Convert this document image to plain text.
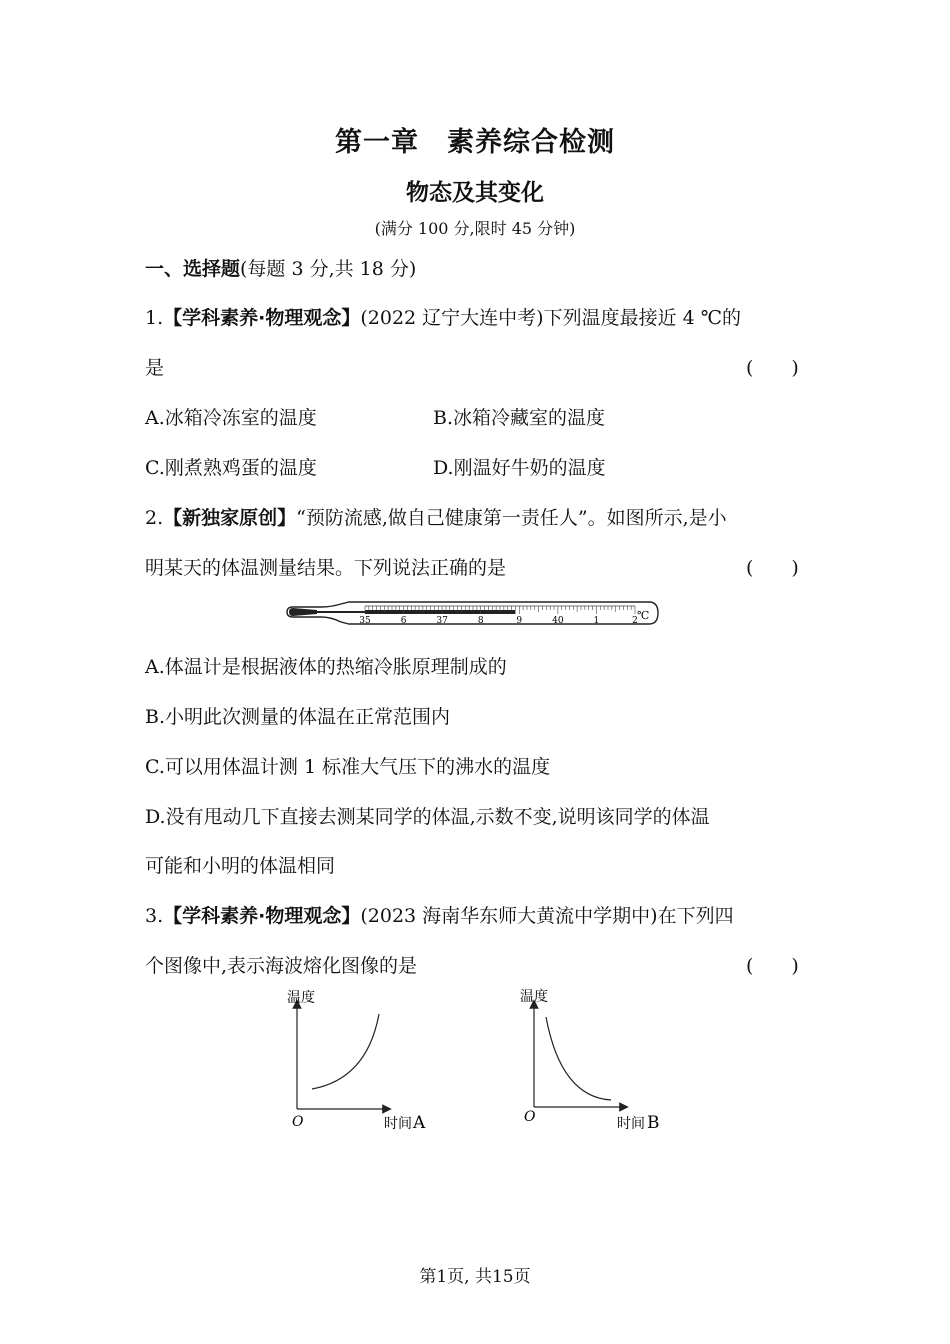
第一章　素养综合检测
物态及其变化
(满分 100 分,限时 45 分钟)
一、选择题(每题 3 分,共 18 分)
1.【学科素养·物理观念】(2022 辽宁大连中考)下列温度最接近 4 ℃的
是	(　　)
A.冰箱冷冻室的温度	B.冰箱冷藏室的温度
C.刚煮熟鸡蛋的温度	D.刚温好牛奶的温度
2.【新独家原创】“预防流感,做自己健康第一责任人”。如图所示,是小
明某天的体温测量结果。下列说法正确的是	(　　)
35	6	37	8	9	40	1	2 ℃
A.体温计是根据液体的热缩冷胀原理制成的
B.小明此次测量的体温在正常范围内
C.可以用体温计测 1 标准大气压下的沸水的温度
D.没有甩动几下直接去测某同学的体温,示数不变,说明该同学的体温
可能和小明的体温相同
3.【学科素养·物理观念】(2023 海南华东师大黄流中学期中)在下列四
个图像中,表示海波熔化图像的是	(　　)
温度
O	时间 A
温度
O	时间 B
第1页, 共15页
